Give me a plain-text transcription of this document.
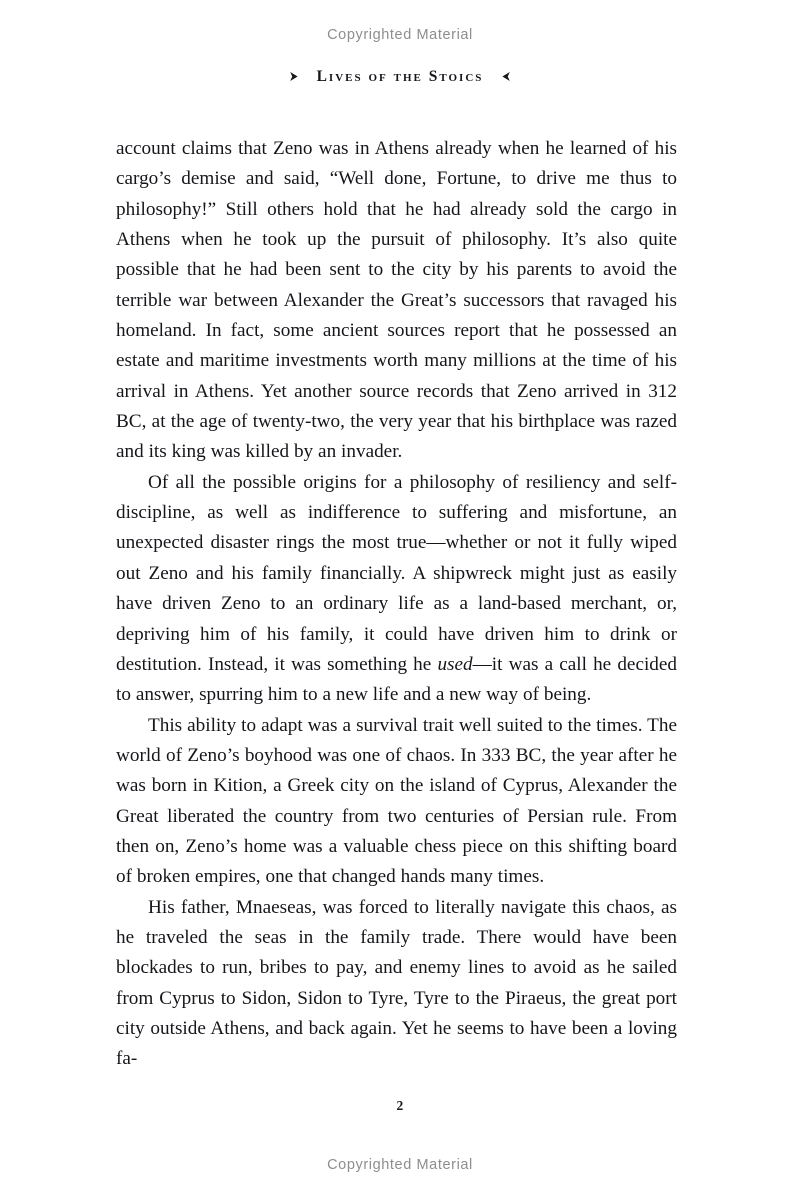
Copyrighted Material
Lives of the Stoics

account claims that Zeno was in Athens already when he learned of his cargo’s demise and said, “Well done, Fortune, to drive me thus to philosophy!” Still others hold that he had already sold the cargo in Athens when he took up the pursuit of philosophy. It’s also quite possible that he had been sent to the city by his parents to avoid the terrible war between Alexander the Great’s successors that ravaged his homeland. In fact, some ancient sources report that he possessed an estate and maritime investments worth many millions at the time of his arrival in Athens. Yet another source records that Zeno arrived in 312 BC, at the age of twenty-two, the very year that his birthplace was razed and its king was killed by an invader.

Of all the possible origins for a philosophy of resiliency and self-discipline, as well as indifference to suffering and misfortune, an unexpected disaster rings the most true—whether or not it fully wiped out Zeno and his family financially. A shipwreck might just as easily have driven Zeno to an ordinary life as a land-based merchant, or, depriving him of his family, it could have driven him to drink or destitution. Instead, it was something he used—it was a call he decided to answer, spurring him to a new life and a new way of being.

This ability to adapt was a survival trait well suited to the times. The world of Zeno’s boyhood was one of chaos. In 333 BC, the year after he was born in Kition, a Greek city on the island of Cyprus, Alexander the Great liberated the country from two centuries of Persian rule. From then on, Zeno’s home was a valuable chess piece on this shifting board of broken empires, one that changed hands many times.

His father, Mnaeseas, was forced to literally navigate this chaos, as he traveled the seas in the family trade. There would have been blockades to run, bribes to pay, and enemy lines to avoid as he sailed from Cyprus to Sidon, Sidon to Tyre, Tyre to the Piraeus, the great port city outside Athens, and back again. Yet he seems to have been a loving fa-

2
Copyrighted Material
